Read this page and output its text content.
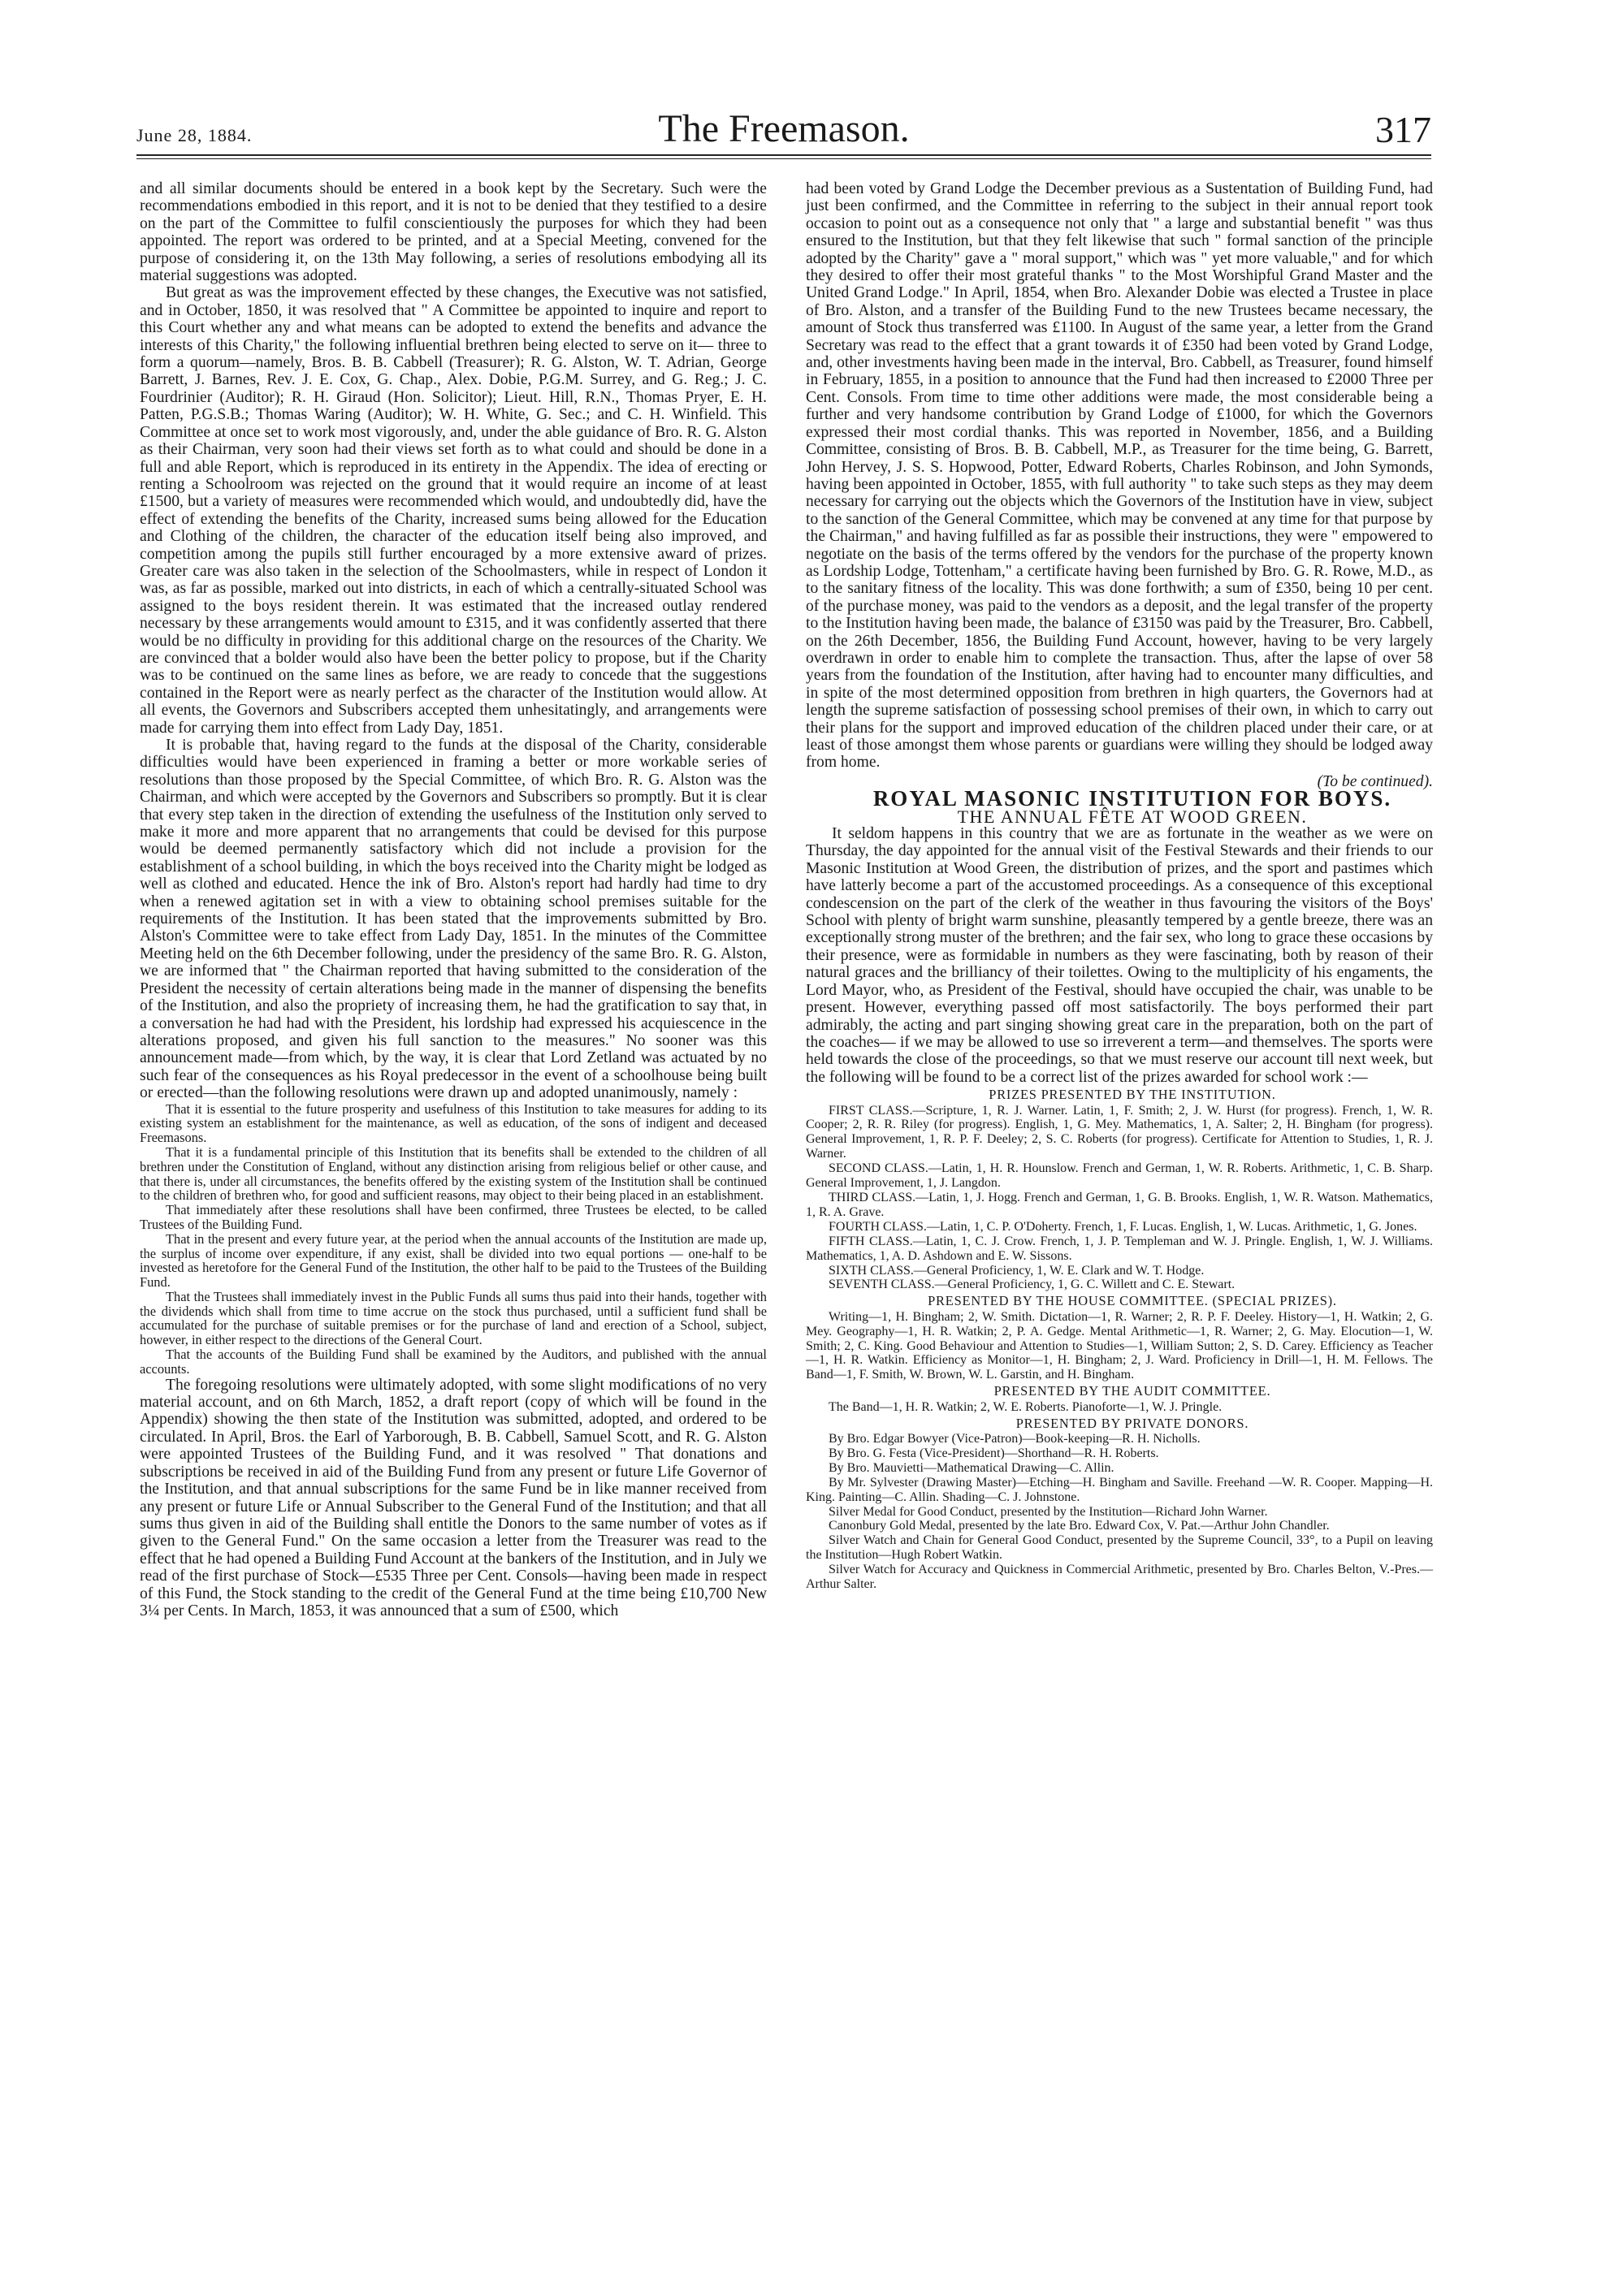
June 28, 1884.	The Freemason.	317

and all similar documents should be entered in a book kept by the Secretary. Such were the recommendations embodied in this report, and it is not to be denied that they testified to a desire on the part of the Committee to fulfil conscientiously the purposes for which they had been appointed. The report was ordered to be printed, and at a Special Meeting, convened for the purpose of considering it, on the 13th May following, a series of resolutions embodying all its material suggestions was adopted.

But great as was the improvement effected by these changes, the Executive was not satisfied, and in October, 1850, it was resolved that " A Committee be appointed to inquire and report to this Court whether any and what means can be adopted to extend the benefits and advance the interests of this Charity," the following influential brethren being elected to serve on it— three to form a quorum—namely, Bros. B. B. Cabbell (Treasurer); R. G. Alston, W. T. Adrian, George Barrett, J. Barnes, Rev. J. E. Cox, G. Chap., Alex. Dobie, P.G.M. Surrey, and G. Reg.; J. C. Fourdrinier (Auditor); R. H. Giraud (Hon. Solicitor); Lieut. Hill, R.N., Thomas Pryer, E. H. Patten, P.G.S.B.; Thomas Waring (Auditor); W. H. White, G. Sec.; and C. H. Winfield. This Committee at once set to work most vigorously, and, under the able guidance of Bro. R. G. Alston as their Chairman, very soon had their views set forth as to what could and should be done in a full and able Report, which is reproduced in its entirety in the Appendix. The idea of erecting or renting a Schoolroom was rejected on the ground that it would require an income of at least £1500, but a variety of measures were recommended which would, and undoubtedly did, have the effect of extending the benefits of the Charity, increased sums being allowed for the Education and Clothing of the children, the character of the education itself being also improved, and competition among the pupils still further encouraged by a more extensive award of prizes. Greater care was also taken in the selection of the Schoolmasters, while in respect of London it was, as far as possible, marked out into districts, in each of which a centrally-situated School was assigned to the boys resident therein. It was estimated that the increased outlay rendered necessary by these arrangements would amount to £315, and it was confidently asserted that there would be no difficulty in providing for this additional charge on the resources of the Charity. We are convinced that a bolder would also have been the better policy to propose, but if the Charity was to be continued on the same lines as before, we are ready to concede that the suggestions contained in the Report were as nearly perfect as the character of the Institution would allow. At all events, the Governors and Subscribers accepted them unhesitatingly, and arrangements were made for carrying them into effect from Lady Day, 1851.

It is probable that, having regard to the funds at the disposal of the Charity, considerable difficulties would have been experienced in framing a better or more workable series of resolutions than those proposed by the Special Committee, of which Bro. R. G. Alston was the Chairman, and which were accepted by the Governors and Subscribers so promptly. But it is clear that every step taken in the direction of extending the usefulness of the Institution only served to make it more and more apparent that no arrangements that could be devised for this purpose would be deemed permanently satisfactory which did not include a provision for the establishment of a school building, in which the boys received into the Charity might be lodged as well as clothed and educated. Hence the ink of Bro. Alston's report had hardly had time to dry when a renewed agitation set in with a view to obtaining school premises suitable for the requirements of the Institution. It has been stated that the improvements submitted by Bro. Alston's Committee were to take effect from Lady Day, 1851. In the minutes of the Committee Meeting held on the 6th December following, under the presidency of the same Bro. R. G. Alston, we are informed that " the Chairman reported that having submitted to the consideration of the President the necessity of certain alterations being made in the manner of dispensing the benefits of the Institution, and also the propriety of increasing them, he had the gratification to say that, in a conversation he had had with the President, his lordship had expressed his acquiescence in the alterations proposed, and given his full sanction to the measures." No sooner was this announcement made—from which, by the way, it is clear that Lord Zetland was actuated by no such fear of the consequences as his Royal predecessor in the event of a schoolhouse being built or erected—than the following resolutions were drawn up and adopted unanimously, namely :

That it is essential to the future prosperity and usefulness of this Institution to take measures for adding to its existing system an establishment for the maintenance, as well as education, of the sons of indigent and deceased Freemasons.

That it is a fundamental principle of this Institution that its benefits shall be extended to the children of all brethren under the Constitution of England, without any distinction arising from religious belief or other cause, and that there is, under all circumstances, the benefits offered by the existing system of the Institution shall be continued to the children of brethren who, for good and sufficient reasons, may object to their being placed in an establishment.

That immediately after these resolutions shall have been confirmed, three Trustees be elected, to be called Trustees of the Building Fund.

That in the present and every future year, at the period when the annual accounts of the Institution are made up, the surplus of income over expenditure, if any exist, shall be divided into two equal portions — one-half to be invested as heretofore for the General Fund of the Institution, the other half to be paid to the Trustees of the Building Fund.

That the Trustees shall immediately invest in the Public Funds all sums thus paid into their hands, together with the dividends which shall from time to time accrue on the stock thus purchased, until a sufficient fund shall be accumulated for the purchase of suitable premises or for the purchase of land and erection of a School, subject, however, in either respect to the directions of the General Court.

That the accounts of the Building Fund shall be examined by the Auditors, and published with the annual accounts.

The foregoing resolutions were ultimately adopted, with some slight modifications of no very material account, and on 6th March, 1852, a draft report (copy of which will be found in the Appendix) showing the then state of the Institution was submitted, adopted, and ordered to be circulated. In April, Bros. the Earl of Yarborough, B. B. Cabbell, Samuel Scott, and R. G. Alston were appointed Trustees of the Building Fund, and it was resolved " That donations and subscriptions be received in aid of the Building Fund from any present or future Life Governor of the Institution, and that annual subscriptions for the same Fund be in like manner received from any present or future Life or Annual Subscriber to the General Fund of the Institution; and that all sums thus given in aid of the Building shall entitle the Donors to the same number of votes as if given to the General Fund." On the same occasion a letter from the Treasurer was read to the effect that he had opened a Building Fund Account at the bankers of the Institution, and in July we read of the first purchase of Stock—£535 Three per Cent. Consols—having been made in respect of this Fund, the Stock standing to the credit of the General Fund at the time being £10,700 New 3¼ per Cents. In March, 1853, it was announced that a sum of £500, which

had been voted by Grand Lodge the December previous as a Sustentation of Building Fund, had just been confirmed, and the Committee in referring to the subject in their annual report took occasion to point out as a consequence not only that " a large and substantial benefit " was thus ensured to the Institution, but that they felt likewise that such " formal sanction of the principle adopted by the Charity" gave a " moral support," which was " yet more valuable," and for which they desired to offer their most grateful thanks " to the Most Worshipful Grand Master and the United Grand Lodge." In April, 1854, when Bro. Alexander Dobie was elected a Trustee in place of Bro. Alston, and a transfer of the Building Fund to the new Trustees became necessary, the amount of Stock thus transferred was £1100. In August of the same year, a letter from the Grand Secretary was read to the effect that a grant towards it of £350 had been voted by Grand Lodge, and, other investments having been made in the interval, Bro. Cabbell, as Treasurer, found himself in February, 1855, in a position to announce that the Fund had then increased to £2000 Three per Cent. Consols. From time to time other additions were made, the most considerable being a further and very handsome contribution by Grand Lodge of £1000, for which the Governors expressed their most cordial thanks. This was reported in November, 1856, and a Building Committee, consisting of Bros. B. B. Cabbell, M.P., as Treasurer for the time being, G. Barrett, John Hervey, J. S. S. Hopwood, Potter, Edward Roberts, Charles Robinson, and John Symonds, having been appointed in October, 1855, with full authority " to take such steps as they may deem necessary for carrying out the objects which the Governors of the Institution have in view, subject to the sanction of the General Committee, which may be convened at any time for that purpose by the Chairman," and having fulfilled as far as possible their instructions, they were " empowered to negotiate on the basis of the terms offered by the vendors for the purchase of the property known as Lordship Lodge, Tottenham," a certificate having been furnished by Bro. G. R. Rowe, M.D., as to the sanitary fitness of the locality. This was done forthwith; a sum of £350, being 10 per cent. of the purchase money, was paid to the vendors as a deposit, and the legal transfer of the property to the Institution having been made, the balance of £3150 was paid by the Treasurer, Bro. Cabbell, on the 26th December, 1856, the Building Fund Account, however, having to be very largely overdrawn in order to enable him to complete the transaction. Thus, after the lapse of over 58 years from the foundation of the Institution, after having had to encounter many difficulties, and in spite of the most determined opposition from brethren in high quarters, the Governors had at length the supreme satisfaction of possessing school premises of their own, in which to carry out their plans for the support and improved education of the children placed under their care, or at least of those amongst them whose parents or guardians were willing they should be lodged away from home.

(To be continued).

ROYAL MASONIC INSTITUTION FOR BOYS.

THE ANNUAL FÊTE AT WOOD GREEN.

It seldom happens in this country that we are as fortunate in the weather as we were on Thursday, the day appointed for the annual visit of the Festival Stewards and their friends to our Masonic Institution at Wood Green, the distribution of prizes, and the sport and pastimes which have latterly become a part of the accustomed proceedings. As a consequence of this exceptional condescension on the part of the clerk of the weather in thus favouring the visitors of the Boys' School with plenty of bright warm sunshine, pleasantly tempered by a gentle breeze, there was an exceptionally strong muster of the brethren; and the fair sex, who long to grace these occasions by their presence, were as formidable in numbers as they were fascinating, both by reason of their natural graces and the brilliancy of their toilettes. Owing to the multiplicity of his engaments, the Lord Mayor, who, as President of the Festival, should have occupied the chair, was unable to be present. However, everything passed off most satisfactorily. The boys performed their part admirably, the acting and part singing showing great care in the preparation, both on the part of the coaches— if we may be allowed to use so irreverent a term—and themselves. The sports were held towards the close of the proceedings, so that we must reserve our account till next week, but the following will be found to be a correct list of the prizes awarded for school work :—

PRIZES PRESENTED BY THE INSTITUTION.

FIRST CLASS.—Scripture, 1, R. J. Warner. Latin, 1, F. Smith; 2, J. W. Hurst (for progress). French, 1, W. R. Cooper; 2, R. R. Riley (for progress). English, 1, G. Mey. Mathematics, 1, A. Salter; 2, H. Bingham (for progress). General Improvement, 1, R. P. F. Deeley; 2, S. C. Roberts (for progress). Certificate for Attention to Studies, 1, R. J. Warner.

SECOND CLASS.—Latin, 1, H. R. Hounslow. French and German, 1, W. R. Roberts. Arithmetic, 1, C. B. Sharp. General Improvement, 1, J. Langdon.

THIRD CLASS.—Latin, 1, J. Hogg. French and German, 1, G. B. Brooks. English, 1, W. R. Watson. Mathematics, 1, R. A. Grave.

FOURTH CLASS.—Latin, 1, C. P. O'Doherty. French, 1, F. Lucas. English, 1, W. Lucas. Arithmetic, 1, G. Jones.

FIFTH CLASS.—Latin, 1, C. J. Crow. French, 1, J. P. Templeman and W. J. Pringle. English, 1, W. J. Williams. Mathematics, 1, A. D. Ashdown and E. W. Sissons.

SIXTH CLASS.—General Proficiency, 1, W. E. Clark and W. T. Hodge.

SEVENTH CLASS.—General Proficiency, 1, G. C. Willett and C. E. Stewart.

PRESENTED BY THE HOUSE COMMITTEE. (SPECIAL PRIZES).

Writing—1, H. Bingham; 2, W. Smith. Dictation—1, R. Warner; 2, R. P. F. Deeley. History—1, H. Watkin; 2, G. Mey. Geography—1, H. R. Watkin; 2, P. A. Gedge. Mental Arithmetic—1, R. Warner; 2, G. May. Elocution—1, W. Smith; 2, C. King. Good Behaviour and Attention to Studies—1, William Sutton; 2, S. D. Carey. Efficiency as Teacher—1, H. R. Watkin. Efficiency as Monitor—1, H. Bingham; 2, J. Ward. Proficiency in Drill—1, H. M. Fellows. The Band—1, F. Smith, W. Brown, W. L. Garstin, and H. Bingham.

PRESENTED BY THE AUDIT COMMITTEE.

The Band—1, H. R. Watkin; 2, W. E. Roberts. Pianoforte—1, W. J. Pringle.

PRESENTED BY PRIVATE DONORS.

By Bro. Edgar Bowyer (Vice-Patron)—Book-keeping—R. H. Nicholls.

By Bro. G. Festa (Vice-President)—Shorthand—R. H. Roberts.

By Bro. Mauvietti—Mathematical Drawing—C. Allin.

By Mr. Sylvester (Drawing Master)—Etching—H. Bingham and Saville. Freehand —W. R. Cooper. Mapping—H. King. Painting—C. Allin. Shading—C. J. Johnstone.

Silver Medal for Good Conduct, presented by the Institution—Richard John Warner.

Canonbury Gold Medal, presented by the late Bro. Edward Cox, V. Pat.—Arthur John Chandler.

Silver Watch and Chain for General Good Conduct, presented by the Supreme Council, 33°, to a Pupil on leaving the Institution—Hugh Robert Watkin.

Silver Watch for Accuracy and Quickness in Commercial Arithmetic, presented by Bro. Charles Belton, V.-Pres.—Arthur Salter.
